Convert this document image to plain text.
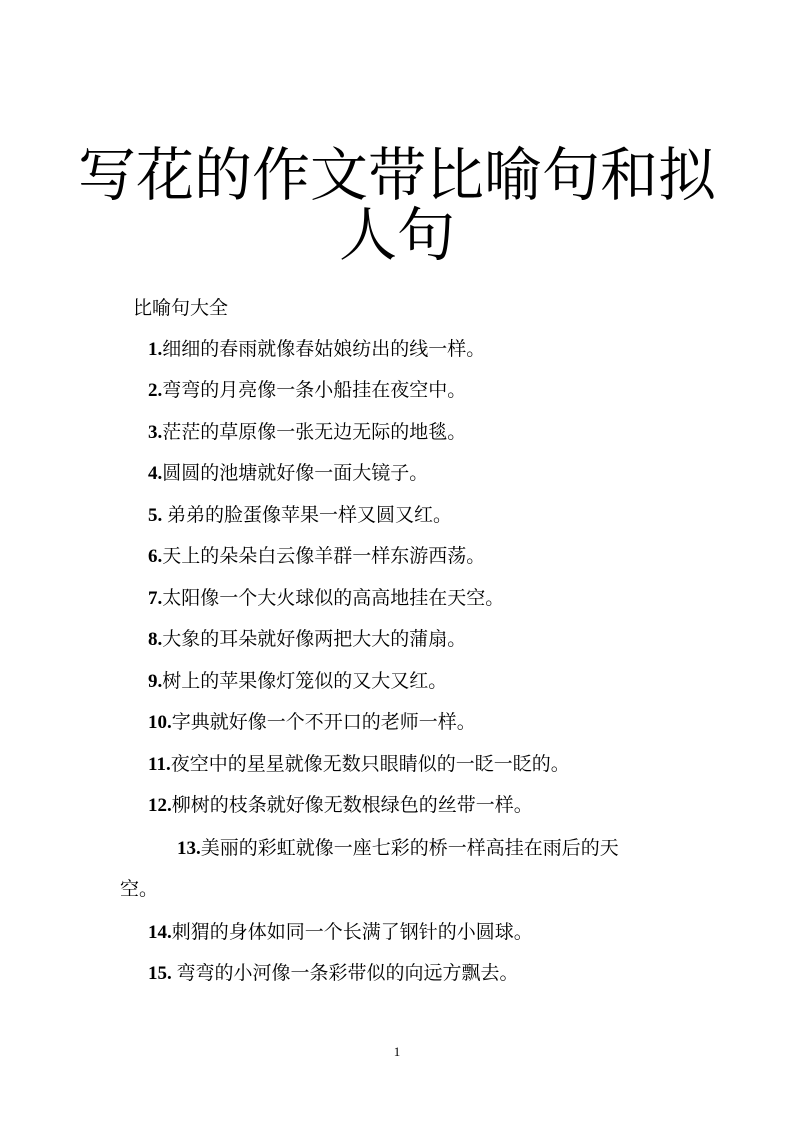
写花的作文带比喻句和拟
人句
比喻句大全
1.细细的春雨就像春姑娘纺出的线一样。
2.弯弯的月亮像一条小船挂在夜空中。
3.茫茫的草原像一张无边无际的地毯。
4.圆圆的池塘就好像一面大镜子。
5. 弟弟的脸蛋像苹果一样又圆又红。
6.天上的朵朵白云像羊群一样东游西荡。
7.太阳像一个大火球似的高高地挂在天空。
8.大象的耳朵就好像两把大大的蒲扇。
9.树上的苹果像灯笼似的又大又红。
10.字典就好像一个不开口的老师一样。
11.夜空中的星星就像无数只眼睛似的一眨一眨的。
12.柳树的枝条就好像无数根绿色的丝带一样。
13.美丽的彩虹就像一座七彩的桥一样高挂在雨后的天
空。
14.刺猬的身体如同一个长满了钢针的小圆球。
15. 弯弯的小河像一条彩带似的向远方飘去。
1
